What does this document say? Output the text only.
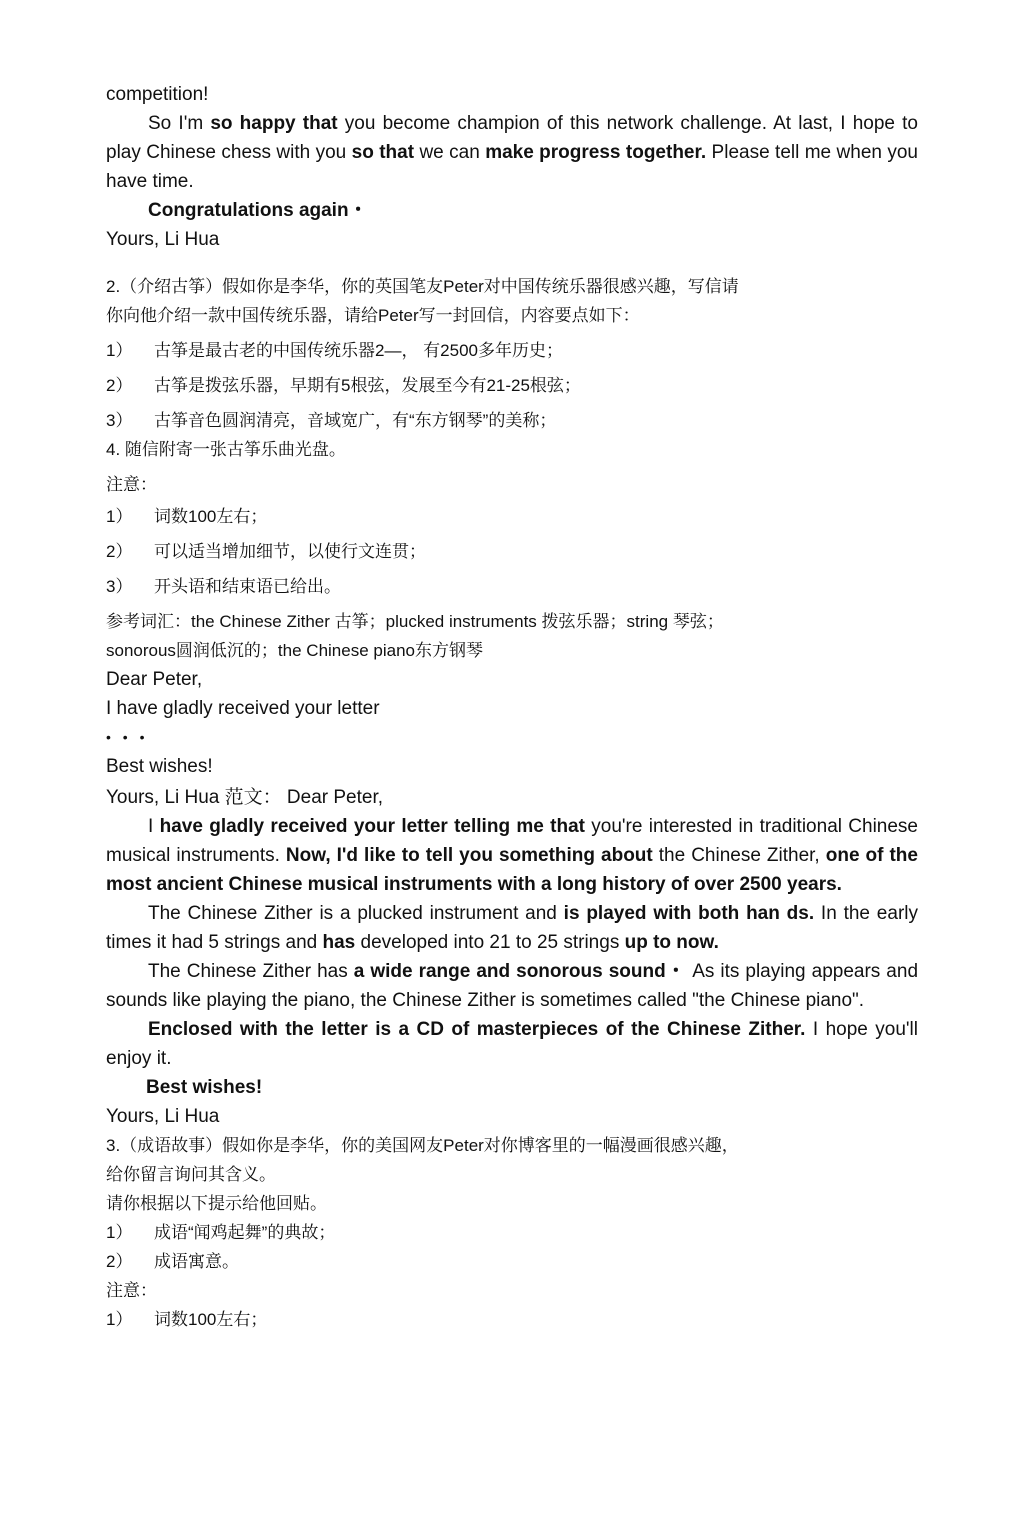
competition!

So I'm so happy that you become champion of this network challenge. At last, I hope to play Chinese chess with you so that we can make progress together. Please tell me when you have time.

Congratulations again・

Yours, Li Hua

2.（介绍古筝）假如你是李华，你的英国笔友Peter对中国传统乐器很感兴趣，写信请

你向他介绍一款中国传统乐器，请给Peter写一封回信，内容要点如下：

1） 古筝是最古老的中国传统乐器2—， 有2500多年历史；

2） 古筝是拨弦乐器，早期有5根弦，发展至今有21-25根弦；

3） 古筝音色圆润清亮，音域宽广，有“东方钢琴”的美称；

4. 随信附寄一张古筝乐曲光盘。

注意：

1） 词数100左右；

2） 可以适当增加细节，以使行文连贯；

3） 开头语和结束语已给出。

参考词汇：the Chinese Zither 古筝；plucked instruments 拨弦乐器；string 琴弦；

sonorous圆润低沉的；the Chinese piano东方钢琴

Dear Peter,

I have gladly received your letter

• • •

Best wishes!

Yours, Li Hua 范文： Dear Peter,

I have gladly received your letter telling me that you're interested in traditional Chinese musical instruments. Now, I'd like to tell you something about the Chinese Zither, one of the most ancient Chinese musical instruments with a long history of over 2500 years.

The Chinese Zither is a plucked instrument and is played with both han ds. In the early times it had 5 strings and has developed into 21 to 25 strings up to now.

The Chinese Zither has a wide range and sonorous sound・ As its playing appears and sounds like playing the piano, the Chinese Zither is sometimes called "the Chinese piano".

Enclosed with the letter is a CD of masterpieces of the Chinese Zither. I hope you'll enjoy it.

Best wishes!

Yours, Li Hua

3.（成语故事）假如你是李华，你的美国网友Peter对你博客里的一幅漫画很感兴趣，

给你留言询问其含义。

请你根据以下提示给他回贴。

1） 成语“闻鸡起舞”的典故；

2） 成语寓意。

注意：

1） 词数100左右；
